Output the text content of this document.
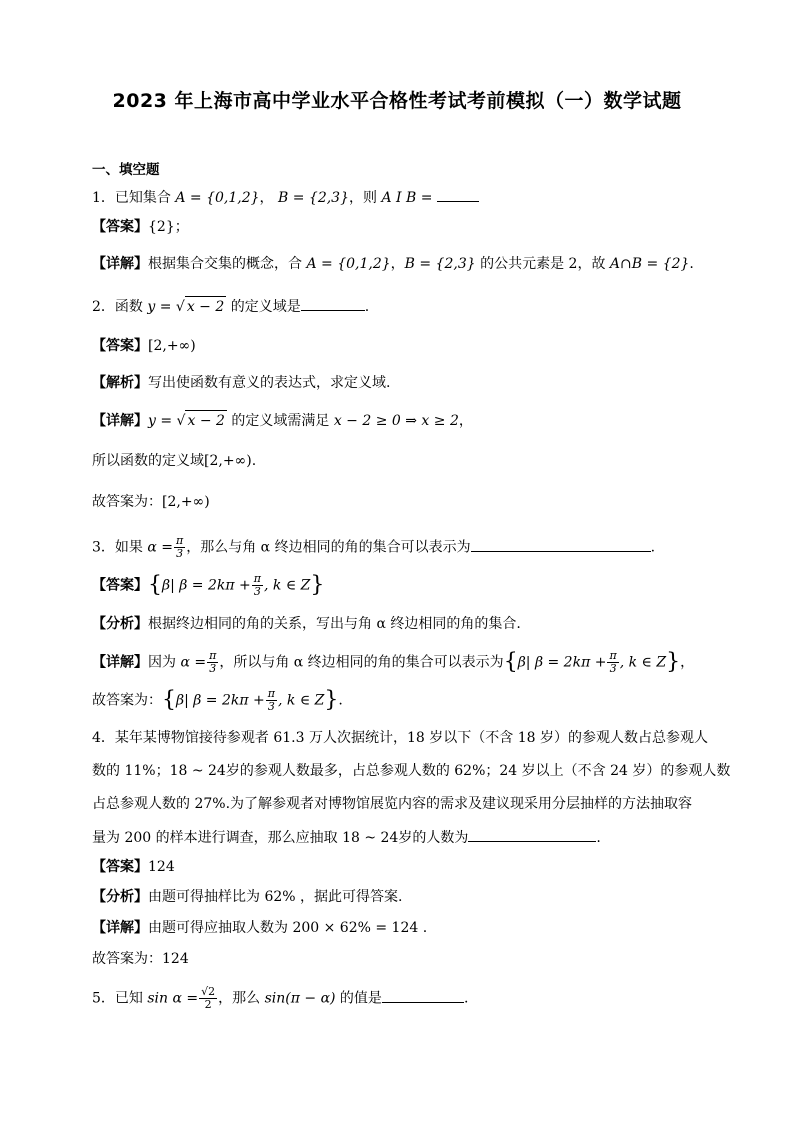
2023 年上海市高中学业水平合格性考试考前模拟（一）数学试题
一、填空题
1．已知集合 A = {0,1,2}， B = {2,3}，则 A I B =
【答案】{2}；
【详解】根据集合交集的概念，合 A = {0,1,2}，B = {2,3} 的公共元素是 2，故 A∩B = {2}.
2．函数 y = √ x − 2 的定义域是	.
【答案】[2,+∞)
【解析】写出使函数有意义的表达式，求定义域.
【详解】y = √ x − 2 的定义域需满足 x − 2 ≥ 0 ⇒ x ≥ 2，
所以函数的定义域[2,+∞).
故答案为：[2,+∞)
3．如果 $\alpha = \frac{\pi}{3}$ ，那么与角 α 终边相同的角的集合可以表示为	.
【答案】{β| $\beta = 2k\pi + \frac{\pi}{3}$ , k ∈ Z}
【分析】根据终边相同的角的关系，写出与角 α 终边相同的角的集合.
【详解】因为 $\alpha = \frac{\pi}{3}$ ，所以与角 α 终边相同的角的集合可以表示为{β| $\beta = 2k\pi + \frac{\pi}{3}$ , k ∈ Z}，
故答案为：{β| $\beta = 2k\pi + \frac{\pi}{3}$ , k ∈ Z}.
4．某年某博物馆接待参观者 61.3 万人次据统计，18 岁以下（不含 18 岁）的参观人数占总参观人
数的 11%；18 ~ 24岁的参观人数最多，占总参观人数的 62%；24 岁以上（不含 24 岁）的参观人数
占总参观人数的 27%.为了解参观者对博物馆展览内容的需求及建议现采用分层抽样的方法抽取容
量为 200 的样本进行调查，那么应抽取 18 ~ 24岁的人数为	.
【答案】124
【分析】由题可得抽样比为 62% ，据此可得答案.
【详解】由题可得应抽取人数为 200 × 62% = 124 .
故答案为：124
5．已知 $\sin \alpha = \frac{√2}{2}$ ，那么 sin(π − α) 的值是	.
